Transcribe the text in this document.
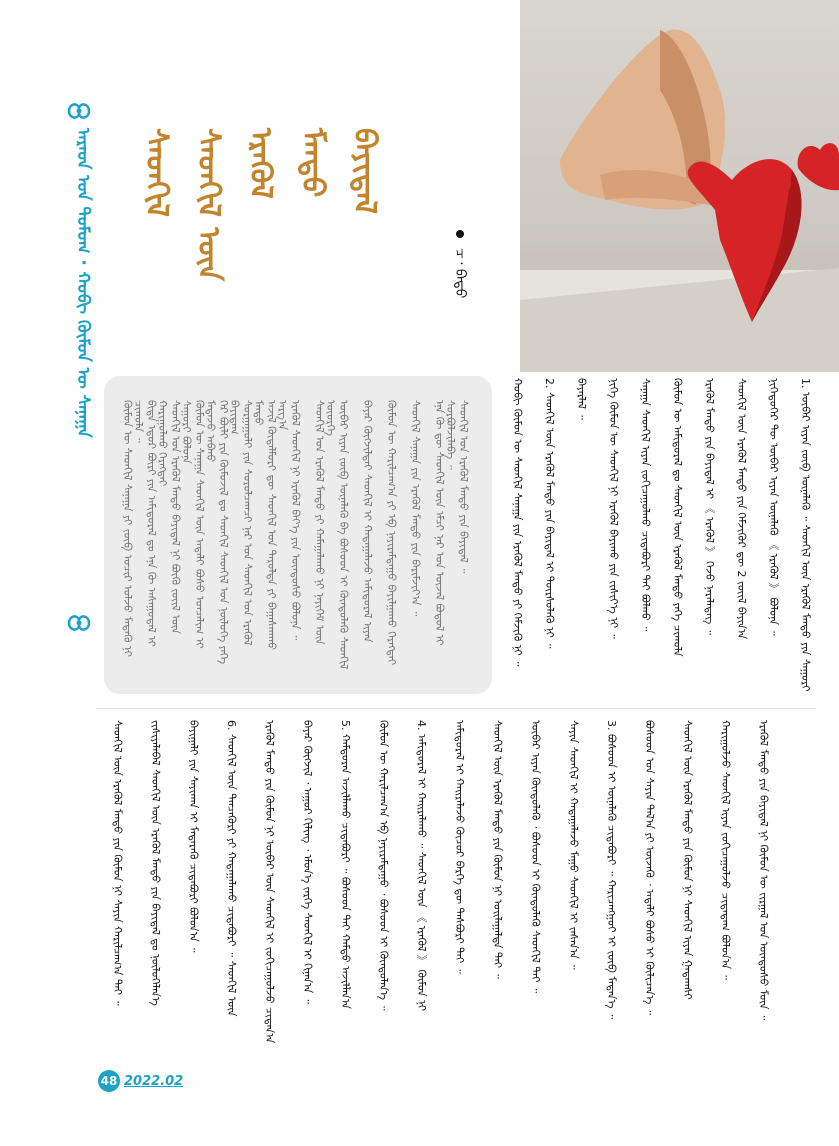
ᠠᠷᠠᠳ ᠤᠨ ᠳᠤᠮᠤᠭ · ᠬᠤᠪᠢ ᠬᠦᠮᠦᠨ ᠦ ᠰᠠᠨᠠᠭᠠ	ᠰᠡᠳᠬᠢᠯ ᠰᠡᠳᠬᠢᠯ ᠦᠨ ᠡᠷᠡᠭᠦᠯ ᠮᠡᠨᠳᠦ ᠪᠠᠶᠢᠳᠠᠯ
ᠴ᠂ ᠪᠠᠲᠤ
ᠬᠦᠮᠦᠨ ᠦ ᠰᠡᠳᠬᠢᠯ ᠰᠠᠨᠠᠭᠠ ᠶᠢ ᠵᠦᠪ ᠤᠴᠢᠷ ᠣᠯᠵᠤ ᠮᠡᠳᠡᠬᠦ ᠨᠢ ᠴᠢᠬᠤᠯᠠ ᠃ ᠪᠢᠳᠡ ᠡᠳᠦᠷ ᠪᠦᠷᠢ ᠶᠢᠨ ᠠᠮᠢᠳᠤᠷᠠᠯ ᠳᠤ ᠡᠨᠡ ᠬᠦ ᠠᠰᠠᠭᠤᠳᠠᠯ ᠢ ᠬᠠᠷᠢᠭᠤᠯᠬᠤ ᠬᠡᠷᠡᠭᠲᠡᠢ ᠰᠡᠳᠬᠢᠯ ᠤᠨ ᠡᠷᠡᠭᠦᠯ ᠮᠡᠨᠳᠦ ᠪᠠᠶᠢᠳᠠᠯ ᠨᠢ ᠪᠦᠬᠦ ᠵᠦᠢᠯ ᠦᠨ ᠰᠠᠭᠤᠷᠢ ᠪᠣᠯᠤᠨᠠ ᠬᠦᠮᠦᠨ ᠦ ᠰᠠᠨᠠᠭᠠ ᠰᠡᠳᠬᠢᠯ ᠦᠨ ᠠᠳᠠᠯᠢ ᠪᠤᠰᠤ ᠣᠨᠴᠠᠯᠢᠭ ᠢ ᠮᠡᠳᠡᠵᠦ ᠠᠪᠬᠤ ᠭᠡᠷ ᠪᠦᠯᠢ ᠶᠢᠨ ᠬᠦᠮᠦᠵᠢᠯ ᠳᠤ ᠰᠡᠳᠬᠢᠯ ᠰᠡᠳᠬᠢᠯ ᠤᠨ ᠨᠥᠯᠦᠭᠡ ᠶᠡᠬᠡ ᠪᠠᠶᠢᠳᠠᠭ ᠰᠤᠷᠭᠠᠭᠤᠯᠢ ᠶᠢᠨ ᠰᠤᠷᠤᠯᠴᠠᠭᠴᠢ ᠨᠠᠷ ᠤᠨ ᠰᠡᠳᠬᠢᠯ ᠤᠨ ᠡᠷᠡᠭᠦᠯ ᠮᠡᠨᠳᠦ ᠠᠵᠢᠯ ᠬᠥᠳᠡᠯᠮᠦᠷᠢ ᠳᠦ ᠰᠡᠳᠬᠢᠯ ᠤᠨ ᠳᠠᠷᠤᠯᠲᠠ ᠶᠢ ᠪᠠᠭᠠᠰᠬᠠᠬᠤ ᠠᠷᠭ᠎ᠠ ᠡᠷᠡᠭᠦᠯ ᠰᠡᠳᠬᠢᠯ ᠨᠢ ᠡᠷᠡᠭᠦᠯ ᠪᠡᠶ᠎ᠡ ᠶᠢᠨ ᠦᠨᠳᠦᠰᠦ ᠪᠣᠯᠤᠨᠠ ᠃ ᠰᠡᠳᠬᠢᠯ ᠤᠨ ᠡᠷᠡᠭᠦᠯ ᠮᠡᠨᠳᠦ ᠶᠢ ᠬᠠᠮᠠᠭᠠᠯᠠᠬᠤ ᠨᠢ ᠨᠡᠶᠢᠭᠡᠮ ᠦᠨ ᠦᠦᠷᠭᠡ ᠥᠪᠡᠷ ᠢᠶᠡᠨ ᠵᠦᠪ ᠦᠨᠡᠯᠡᠬᠦ ᠪᠠ ᠪᠤᠰᠤᠳ ᠢ ᠬᠦᠨᠳᠦᠯᠡᠬᠦ ᠰᠡᠳᠬᠢᠯ ᠪᠠᠶᠠᠷ ᠬᠥᠭᠵᠢᠯᠲᠡᠶ ᠰᠡᠳᠬᠢᠯ ᠢ ᠬᠠᠳᠠᠭᠠᠯᠠᠵᠤ ᠠᠮᠢᠳᠤᠷᠠᠯ ᠢᠶᠠᠨ ᠬᠦᠮᠦᠨ ᠦ ᠬᠠᠷᠢᠯᠴᠠᠭ᠎ᠠ ᠶᠢ ᠡᠪ ᠨᠠᠶᠢᠷᠠᠮᠳᠠᠭᠤ ᠪᠠᠶᠢᠯᠭᠠᠬᠤ ᠬᠡᠷᠡᠭᠲᠡᠢ ᠰᠡᠳᠬᠢᠯ ᠰᠠᠨᠠᠭᠠ ᠶᠢᠨ ᠡᠷᠡᠭᠦᠯ ᠮᠡᠨᠳᠦ ᠶᠢᠨ ᠪᠠᠷᠢᠮᠵᠢᠶ᠎ᠠ ᠃ ᠡᠨᠡ ᠬᠦ ᠳᠦ ᠰᠡᠳᠬᠢᠯ ᠦᠨ ᠡᠮᠴᠢ ᠨᠠᠷ ᠤᠨ ᠦᠵᠡᠯ ᠪᠣᠳᠤᠯ ᠢ ᠰᠤᠷᠪᠤᠯᠵᠢᠯᠠᠪᠠ ᠃ ᠰᠡᠳᠬᠢᠯ ᠤᠨ ᠡᠷᠡᠭᠦᠯ ᠮᠡᠨᠳᠦ ᠶᠢᠨ ᠪᠠᠶᠢᠳᠠᠯ ᠃	ᠬᠤᠪᠢ ᠬᠦᠮᠦᠨ ᠦ ᠰᠡᠳᠬᠢᠯ ᠰᠠᠨᠠᠭᠠ ᠶᠢᠨ ᠡᠷᠡᠭᠦᠯ ᠮᠡᠨᠳᠦ ᠶᠢ ᠬᠡᠮᠵᠢᠬᠦ ᠨᠢ ᠃ 2. ᠰᠡᠳᠬᠢᠯ ᠦᠨ ᠡᠷᠡᠭᠦᠯ ᠮᠡᠨᠳᠦ ᠶᠢᠨ ᠪᠠᠶᠢᠳᠠᠯ ᠢ ᠳᠦᠷᠰᠦᠯᠡᠬᠦ ᠨᠢ ᠃ ᠪᠠᠶᠠᠷᠯᠠᠯ ᠃ ᠨᠢᠭᠡ ᠬᠦᠮᠦᠨ ᠦ ᠰᠡᠳᠬᠢᠯ ᠨᠢ ᠡᠷᠡᠭᠦᠯ ᠪᠠᠶᠢᠬᠤ ᠶᠢᠨ ᠵᠢᠱᠢᠶ᠎ᠡ ᠨᠢ ᠃ ᠰᠠᠨᠠᠭᠠ ᠰᠡᠳᠬᠢᠯ ᠢᠶᠡᠨ ᠵᠣᠬᠢᠴᠠᠭᠤᠯᠬᠤ ᠴᠢᠳᠠᠪᠤᠷᠢ ᠲᠠᠢ ᠪᠣᠯᠬᠤ ᠃ ᠬᠦᠮᠦᠨ ᠦ ᠠᠮᠢᠳᠤᠷᠠᠯ ᠳᠤ ᠰᠡᠳᠬᠢᠯ ᠦᠨ ᠡᠷᠡᠭᠦᠯ ᠮᠡᠨᠳᠦ ᠶᠡᠬᠡ ᠴᠢᠬᠤᠯᠠ ᠡᠷᠡᠭᠦᠯ ᠮᠡᠨᠳᠦ ᠶᠢᠨ ᠪᠠᠶᠢᠳᠠᠯ ᠢ 《 ᠡᠷᠡᠭᠦᠯ 》 ᠭᠡᠵᠦ ᠨᠡᠷᠡᠯᠡᠳᠡᠭ ᠃ ᠰᠡᠳᠬᠢᠯ ᠦᠨ ᠡᠷᠡᠭᠦᠯ ᠮᠡᠨᠳᠦ ᠶᠢᠨ ᠬᠡᠮᠵᠢᠭᠦᠷ ᠳᠦ 2 ᠵᠦᠢᠯ ᠪᠠᠶᠢᠨ᠎ᠠ ᠨᠢᠭᠡᠳᠦᠭᠡᠷ ᠲᠦ ᠥᠪᠡᠷ ᠢᠶᠡᠨ ᠦᠨᠡᠯᠡᠬᠦ 《 ᠡᠷᠡᠭᠦᠯ 》 ᠪᠣᠯᠤᠨᠠ ᠃ 1. ᠥᠪᠡᠷ ᠢᠶᠡᠨ ᠵᠦᠪ ᠦᠨᠡᠯᠡᠬᠦ ᠃ ᠰᠡᠳᠬᠢᠯ ᠦᠨ ᠡᠷᠡᠭᠦᠯ ᠮᠡᠨᠳᠦ ᠶᠢᠨ ᠰᠠᠭᠤᠷᠢ
ᠰᠡᠳᠬᠢᠯ ᠦᠨ ᠡᠷᠡᠭᠦᠯ ᠮᠡᠨᠳᠦ ᠶᠢᠨ ᠬᠦᠮᠦᠨ ᠨᠢ ᠰᠠᠶᠢᠨ ᠬᠠᠷᠢᠯᠴᠠᠭ᠎ᠠ ᠲᠠᠢ ᠃ ᠵᠢᠱᠢᠶᠡᠯᠡᠪᠡᠯ ᠰᠡᠳᠬᠢᠯ ᠦᠨ ᠡᠷᠡᠭᠦᠯ ᠮᠡᠨᠳᠦ ᠶᠢᠨ ᠪᠠᠶᠢᠳᠠᠯ ᠳᠤ ᠨᠥᠯᠦᠭᠡᠯᠡᠨ᠎ᠡ ᠪᠠᠶᠢᠭᠠᠯᠢ ᠶᠢᠨ ᠰᠠᠶᠢᠬᠠᠨ ᠢ ᠮᠡᠳᠡᠷᠡᠬᠦ ᠴᠢᠳᠠᠪᠤᠷᠢ ᠪᠣᠯᠤᠨ᠎ᠠ ᠃ 6. ᠰᠡᠳᠬᠢᠯ ᠦᠨ ᠲᠡᠨᠴᠡᠭᠦᠷᠢ ᠶᠢ ᠬᠠᠳᠠᠭᠠᠯᠠᠬᠤ ᠴᠢᠳᠠᠪᠤᠷᠢ ᠃ ᠰᠡᠳᠬᠢᠯ ᠦᠨ ᠡᠷᠡᠭᠦᠯ ᠮᠡᠨᠳᠦ ᠶᠢᠨ ᠬᠦᠮᠦᠨ ᠨᠢ ᠥᠪᠡᠷ ᠦᠨ ᠰᠡᠳᠬᠢᠯ ᠢ ᠵᠣᠬᠢᠴᠠᠭᠤᠯᠵᠤ ᠴᠢᠳᠠᠨ᠎ᠠ ᠪᠠᠶᠠᠷ ᠬᠥᠭᠵᠢᠯ ᠂ ᠠᠭᠤᠷ ᠬᠢᠯᠢᠩ ᠂ ᠡᠮᠦᠨ᠎ᠡ ᠵᠡᠷᠭᠡ ᠰᠡᠳᠬᠢᠯ ᠢ ᠬᠢᠨᠠᠨ᠎ᠠ ᠃ 5. ᠬᠠᠮᠲᠤᠷᠠᠨ ᠠᠵᠢᠯᠯᠠᠬᠤ ᠴᠢᠳᠠᠪᠤᠷᠢ ᠃ ᠪᠤᠰᠤᠳ ᠲᠠᠢ ᠬᠠᠮᠲᠤ ᠠᠵᠢᠯᠯᠠᠨ᠎ᠠ ᠬᠦᠮᠦᠨ ᠦ ᠬᠠᠷᠢᠯᠴᠠᠭ᠎ᠠ ᠡᠪ ᠨᠠᠶᠢᠷᠠᠮᠳᠠᠭᠤ ᠂ ᠪᠤᠰᠤᠳ ᠢ ᠬᠦᠨᠳᠦᠯᠡᠨ᠎ᠡ ᠃ 4. ᠠᠮᠢᠳᠤᠷᠠᠯ ᠢ ᠬᠠᠢᠷᠠᠯᠠᠬᠤ ᠃ ᠰᠡᠳᠬᠢᠯ ᠦᠨ 《 ᠡᠷᠡᠭᠦᠯ 》 ᠬᠦᠮᠦᠨ ᠨᠢ ᠠᠮᠢᠳᠤᠷᠠᠯ ᠢ ᠬᠠᠢᠷᠠᠯᠠᠵᠤ ᠬᠦᠴᠦᠷ ᠪᠡᠷᠬᠡ ᠳᠦ ᠲᠡᠰᠪᠦᠷᠢ ᠲᠠᠢ ᠃ ᠰᠡᠳᠬᠢᠯ ᠦᠨ ᠡᠷᠡᠭᠦᠯ ᠮᠡᠨᠳᠦ ᠶᠢᠨ ᠬᠦᠮᠦᠨ ᠨᠢ ᠣᠢᠯᠠᠭᠠᠯᠲᠠ ᠲᠠᠢ ᠃ ᠥᠪᠡᠷ ᠢᠶᠡᠨ ᠬᠦᠨᠳᠦᠯᠡᠬᠦ ᠂ ᠪᠤᠰᠤᠳ ᠢ ᠬᠦᠨᠳᠦᠯᠡᠬᠦ ᠰᠡᠳᠬᠢᠯ ᠲᠠᠢ ᠃ ᠰᠠᠶᠢᠨ ᠰᠡᠳᠬᠢᠯ ᠢ ᠬᠠᠳᠠᠭᠠᠯᠠᠵᠤ ᠮᠠᠭᠤ ᠰᠡᠳᠬᠢᠯ ᠢ ᠵᠠᠰᠠᠨ᠎ᠠ ᠃ 3. ᠪᠤᠰᠤᠳ ᠢ ᠦᠨᠡᠯᠡᠬᠦ ᠴᠢᠳᠠᠪᠤᠷᠢ ᠃ ᠬᠠᠷᠢᠴᠠᠩᠭᠤᠢ ᠢ ᠵᠦᠪ ᠮᠡᠳᠡᠨ᠎ᠡ ᠃ ᠪᠤᠰᠤᠳ ᠤᠨ ᠰᠠᠶᠢᠨ ᠲᠠᠯ᠎ᠠ ᠶᠢ ᠦᠵᠡᠬᠦ ᠂ ᠠᠳᠠᠯᠢ ᠪᠤᠰᠤ ᠢ ᠬᠦᠯᠢᠴᠡᠨ᠎ᠡ ᠃ ᠰᠡᠳᠬᠢᠯ ᠦᠨ ᠡᠷᠡᠭᠦᠯ ᠮᠡᠨᠳᠦ ᠶᠢᠨ ᠬᠦᠮᠦᠨ ᠨᠢ ᠰᠡᠳᠬᠢᠯ ᠢᠶᠡᠨ ᠭᠠᠳᠠᠭᠰᠢ ᠬᠠᠷᠢᠭᠤᠯᠵᠤ ᠰᠡᠳᠬᠢᠯ ᠢᠶᠡᠨ ᠵᠣᠬᠢᠴᠠᠭᠤᠯᠵᠤ ᠴᠢᠳᠠᠳᠠᠭ ᠪᠣᠯᠤᠨ᠎ᠠ ᠃ ᠡᠷᠡᠭᠦᠯ ᠮᠡᠨᠳᠦ ᠶᠢᠨ ᠪᠠᠶᠢᠳᠠᠯ ᠨᠢ ᠬᠦᠮᠦᠨ ᠦ ᠵᠢᠷᠭᠠᠯ ᠤᠨ ᠦᠨᠳᠦᠰᠦ ᠮᠥᠨ ᠃
48 2022.02
